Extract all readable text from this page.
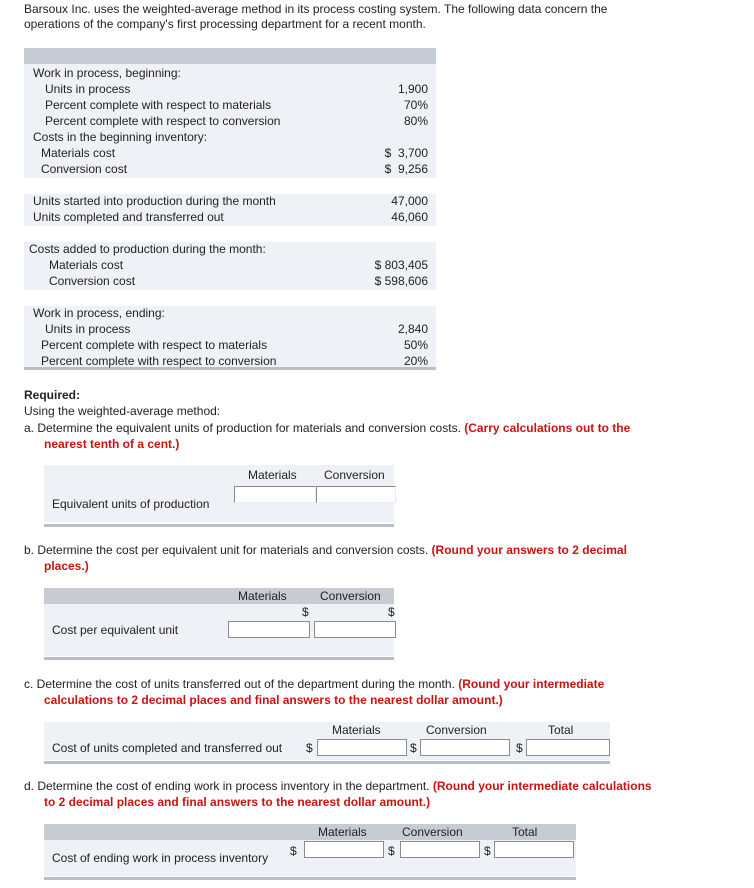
Barsoux Inc. uses the weighted-average method in its process costing system. The following data concern the operations of the company's first processing department for a recent month.
Work in process, beginning:
Units in process	1,900
Percent complete with respect to materials	70%
Percent complete with respect to conversion	80%
Costs in the beginning inventory:
Materials cost	$  3,700
Conversion cost	$  9,256
Units started into production during the month	47,000
Units completed and transferred out	46,060
Costs added to production during the month:
Materials cost	$ 803,405
Conversion cost	$ 598,606
Work in process, ending:
Units in process	2,840
Percent complete with respect to materials	50%
Percent complete with respect to conversion	20%
Required:
Using the weighted-average method:
a. Determine the equivalent units of production for materials and conversion costs. (Carry calculations out to the nearest tenth of a cent.)
Materials Conversion
Equivalent units of production
b. Determine the cost per equivalent unit for materials and conversion costs. (Round your answers to 2 decimal places.)
Materials	Conversion
$	$
Cost per equivalent unit
c. Determine the cost of units transferred out of the department during the month. (Round your intermediate calculations to 2 decimal places and final answers to the nearest dollar amount.)
Materials	Conversion	Total
Cost of units completed and transferred out $	$	$
d. Determine the cost of ending work in process inventory in the department. (Round your intermediate calculations to 2 decimal places and final answers to the nearest dollar amount.)
Materials	Conversion	Total
Cost of ending work in process inventory $	$	$
